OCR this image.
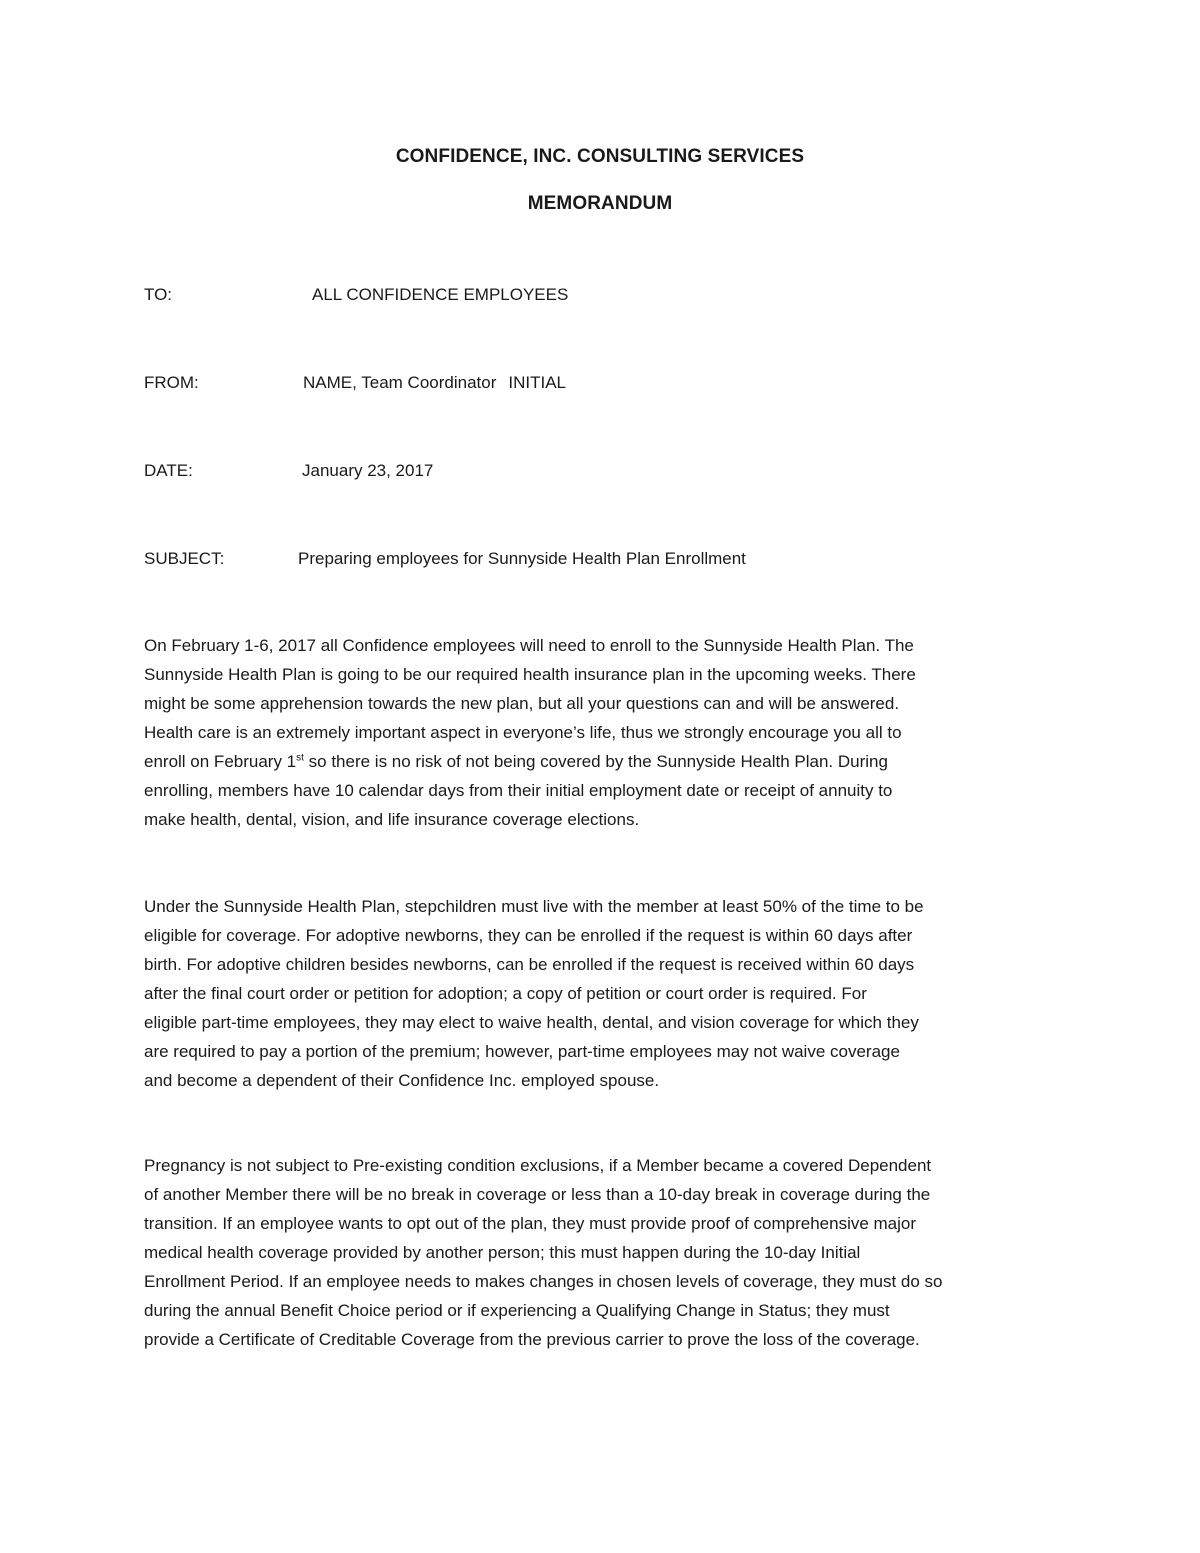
CONFIDENCE, INC. CONSULTING SERVICES
MEMORANDUM
TO:	ALL CONFIDENCE EMPLOYEES
FROM:	NAME, Team Coordinator INITIAL
DATE:	January 23, 2017
SUBJECT:	Preparing employees for Sunnyside Health Plan Enrollment
On February 1-6, 2017 all Confidence employees will need to enroll to the Sunnyside Health Plan. The
Sunnyside Health Plan is going to be our required health insurance plan in the upcoming weeks. There
might be some apprehension towards the new plan, but all your questions can and will be answered.
Health care is an extremely important aspect in everyone’s life, thus we strongly encourage you all to
enroll on February 1st so there is no risk of not being covered by the Sunnyside Health Plan. During
enrolling, members have 10 calendar days from their initial employment date or receipt of annuity to
make health, dental, vision, and life insurance coverage elections.
Under the Sunnyside Health Plan, stepchildren must live with the member at least 50% of the time to be
eligible for coverage. For adoptive newborns, they can be enrolled if the request is within 60 days after
birth. For adoptive children besides newborns, can be enrolled if the request is received within 60 days
after the final court order or petition for adoption; a copy of petition or court order is required. For
eligible part-time employees, they may elect to waive health, dental, and vision coverage for which they
are required to pay a portion of the premium; however, part-time employees may not waive coverage
and become a dependent of their Confidence Inc. employed spouse.
Pregnancy is not subject to Pre-existing condition exclusions, if a Member became a covered Dependent
of another Member there will be no break in coverage or less than a 10-day break in coverage during the
transition. If an employee wants to opt out of the plan, they must provide proof of comprehensive major
medical health coverage provided by another person; this must happen during the 10-day Initial
Enrollment Period. If an employee needs to makes changes in chosen levels of coverage, they must do so
during the annual Benefit Choice period or if experiencing a Qualifying Change in Status; they must
provide a Certificate of Creditable Coverage from the previous carrier to prove the loss of the coverage.
